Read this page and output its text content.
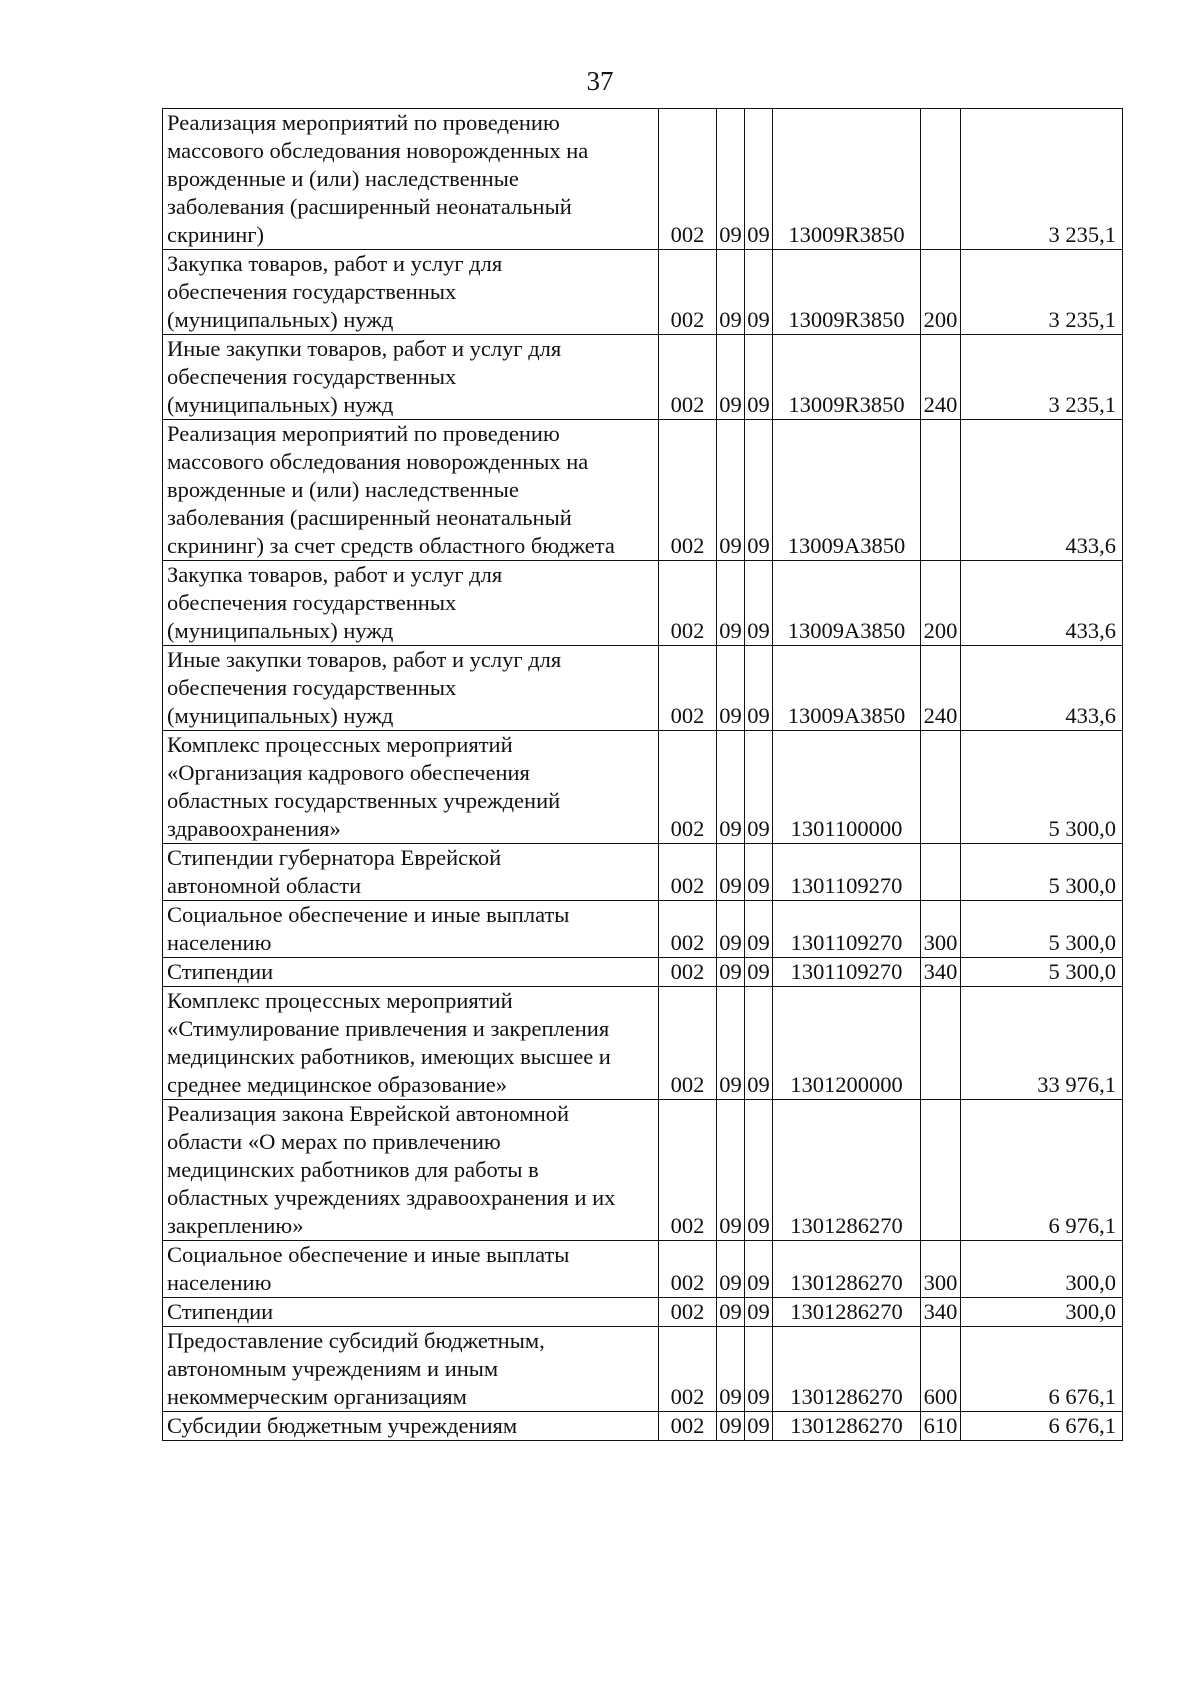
37
Реализация мероприятий по проведению
массового обследования новорожденных на
врожденные и (или) наследственные
заболевания (расширенный неонатальный
скрининг)	002	09	09	13009R3850		3 235,1

Закупка товаров, работ и услуг для
обеспечения государственных
(муниципальных) нужд	002	09	09	13009R3850	200	3 235,1

Иные закупки товаров, работ и услуг для
обеспечения государственных
(муниципальных) нужд	002	09	09	13009R3850	240	3 235,1

Реализация мероприятий по проведению
массового обследования новорожденных на
врожденные и (или) наследственные
заболевания (расширенный неонатальный
скрининг) за счет средств областного бюджета	002	09	09	13009A3850		433,6

Закупка товаров, работ и услуг для
обеспечения государственных
(муниципальных) нужд	002	09	09	13009A3850	200	433,6

Иные закупки товаров, работ и услуг для
обеспечения государственных
(муниципальных) нужд	002	09	09	13009A3850	240	433,6

Комплекс процессных мероприятий
«Организация кадрового обеспечения
областных государственных учреждений
здравоохранения»	002	09	09	1301100000		5 300,0

Стипендии губернатора Еврейской
автономной области	002	09	09	1301109270		5 300,0

Социальное обеспечение и иные выплаты
населению	002	09	09	1301109270	300	5 300,0

Стипендии	002	09	09	1301109270	340	5 300,0

Комплекс процессных мероприятий
«Стимулирование привлечения и закрепления
медицинских работников, имеющих высшее и
среднее медицинское образование»	002	09	09	1301200000		33 976,1

Реализация закона Еврейской автономной
области «О мерах по привлечению
медицинских работников для работы в
областных учреждениях здравоохранения и их
закреплению»	002	09	09	1301286270		6 976,1

Социальное обеспечение и иные выплаты
населению	002	09	09	1301286270	300	300,0

Стипендии	002	09	09	1301286270	340	300,0

Предоставление субсидий бюджетным,
автономным учреждениям и иным
некоммерческим организациям	002	09	09	1301286270	600	6 676,1

Субсидии бюджетным учреждениям	002	09	09	1301286270	610	6 676,1
